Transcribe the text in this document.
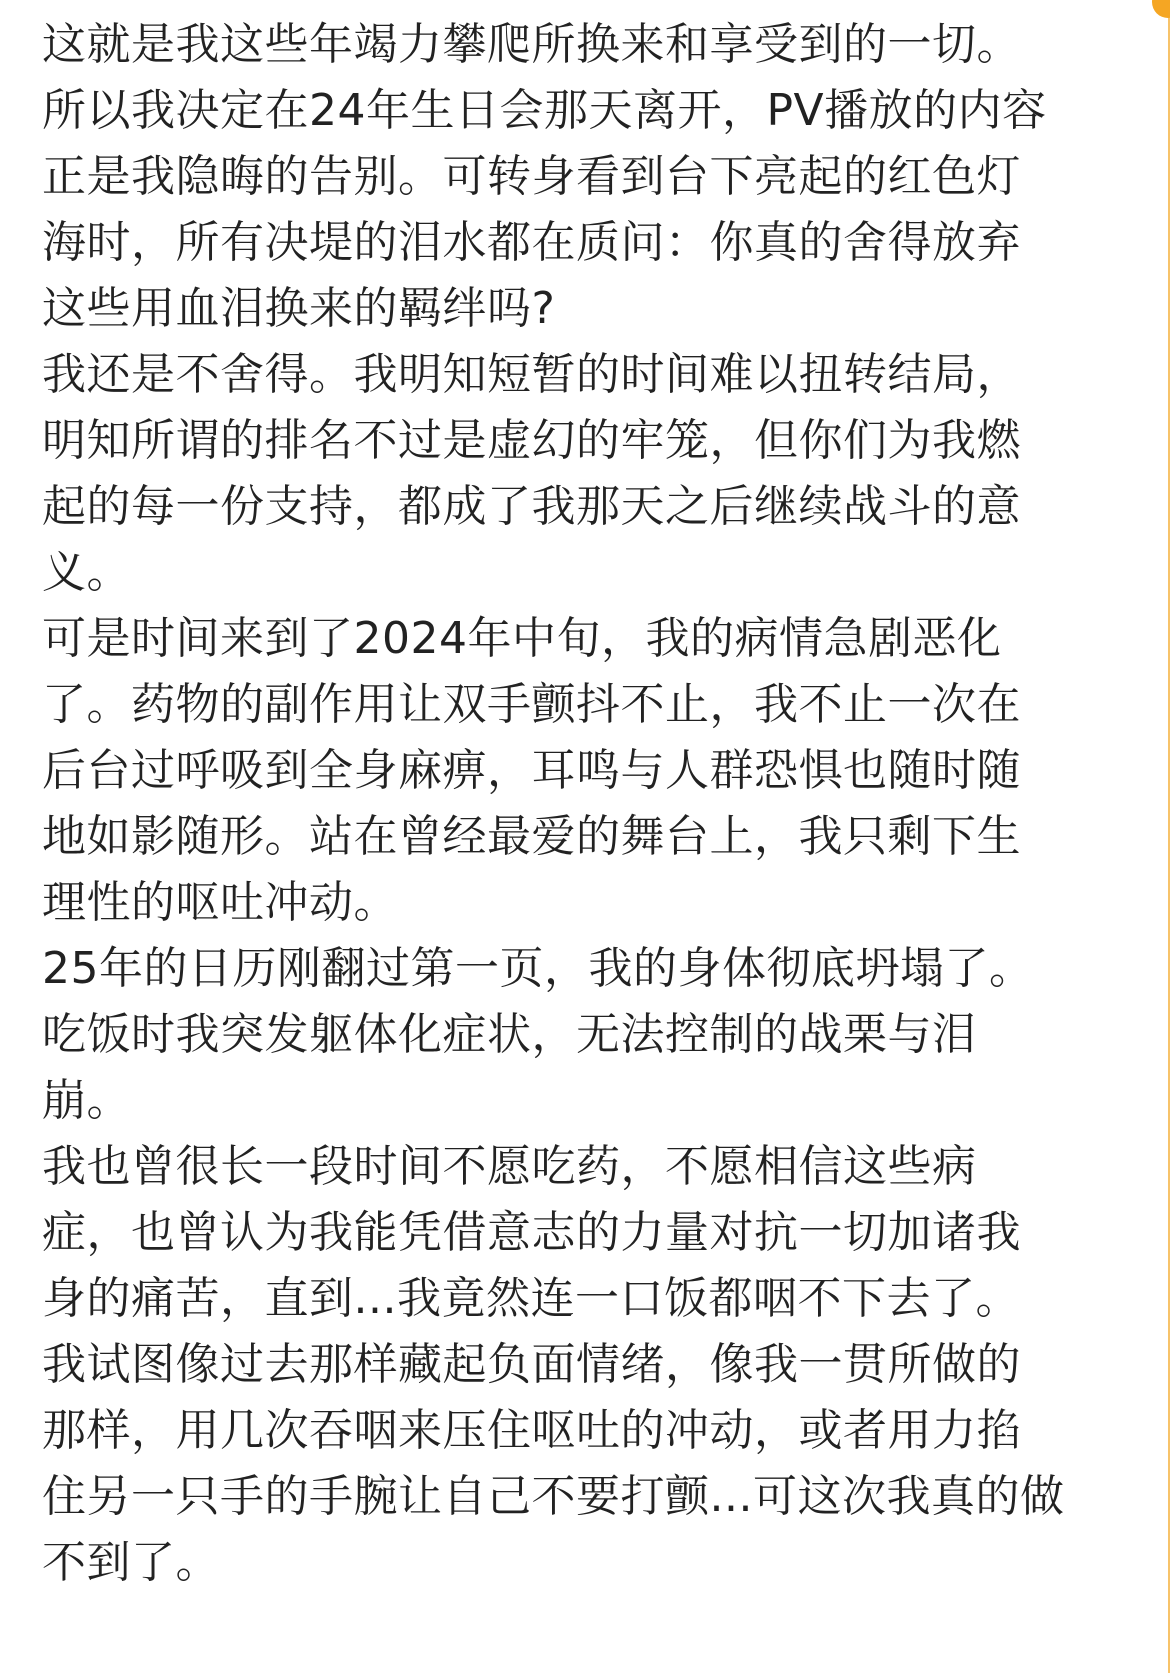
这就是我这些年竭力攀爬所换来和享受到的一切。
所以我决定在24年生日会那天离开，PV播放的内容
正是我隐晦的告别。可转身看到台下亮起的红色灯
海时，所有决堤的泪水都在质问：你真的舍得放弃
这些用血泪换来的羁绊吗?
我还是不舍得。我明知短暂的时间难以扭转结局，
明知所谓的排名不过是虚幻的牢笼，但你们为我燃
起的每一份支持，都成了我那天之后继续战斗的意
义。
可是时间来到了2024年中旬，我的病情急剧恶化
了。药物的副作用让双手颤抖不止，我不止一次在
后台过呼吸到全身麻痹，耳鸣与人群恐惧也随时随
地如影随形。站在曾经最爱的舞台上，我只剩下生
理性的呕吐冲动。
25年的日历刚翻过第一页，我的身体彻底坍塌了。
吃饭时我突发躯体化症状，无法控制的战栗与泪
崩。
我也曾很长一段时间不愿吃药，不愿相信这些病
症，也曾认为我能凭借意志的力量对抗一切加诸我
身的痛苦，直到...我竟然连一口饭都咽不下去了。
我试图像过去那样藏起负面情绪，像我一贯所做的
那样，用几次吞咽来压住呕吐的冲动，或者用力掐
住另一只手的手腕让自己不要打颤...可这次我真的做
不到了。
